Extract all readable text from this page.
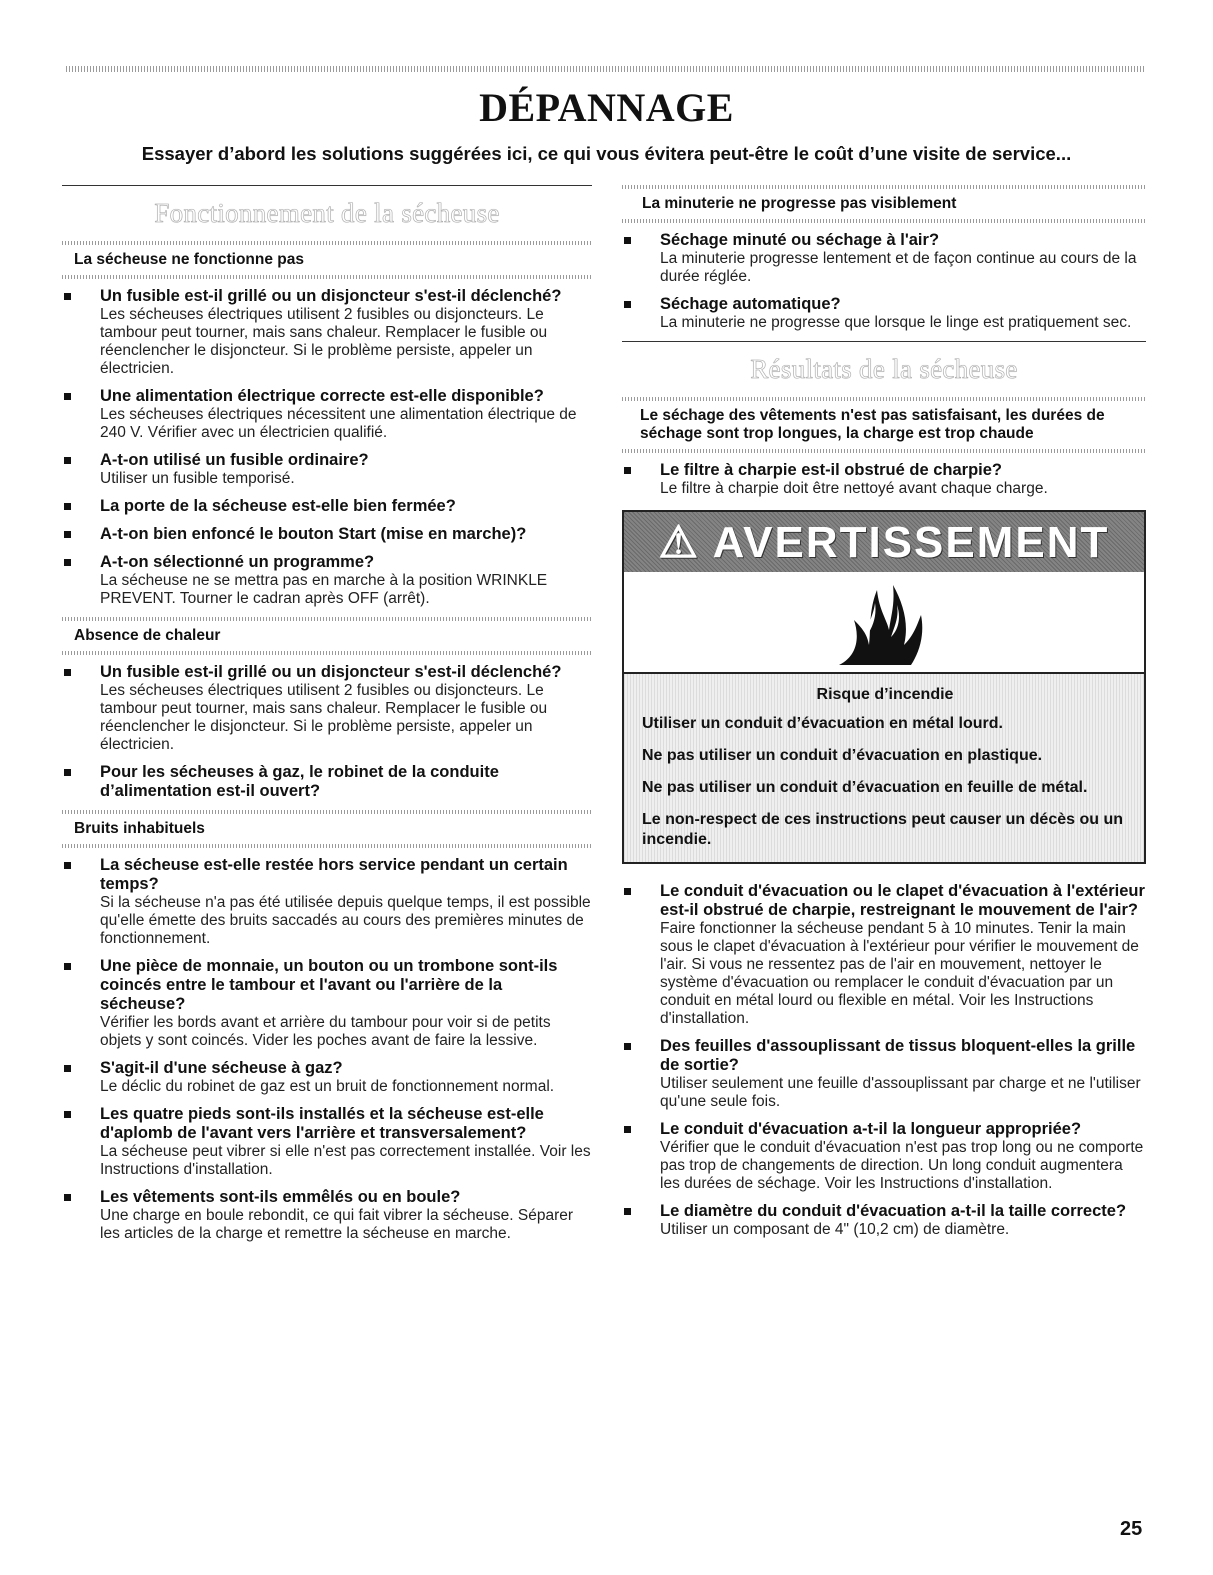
DÉPANNAGE

Essayer d’abord les solutions suggérées ici, ce qui vous évitera peut-être le coût d’une visite de service...

Fonctionnement de la sécheuse
La sécheuse ne fonctionne pas
Un fusible est-il grillé ou un disjoncteur s'est-il déclenché?
Les sécheuses électriques utilisent 2 fusibles ou disjoncteurs. Le tambour peut tourner, mais sans chaleur. Remplacer le fusible ou réenclencher le disjoncteur. Si le problème persiste, appeler un électricien.
Une alimentation électrique correcte est-elle disponible?
Les sécheuses électriques nécessitent une alimentation électrique de 240 V. Vérifier avec un électricien qualifié.
A-t-on utilisé un fusible ordinaire?
Utiliser un fusible temporisé.
La porte de la sécheuse est-elle bien fermée?
A-t-on bien enfoncé le bouton Start (mise en marche)?
A-t-on sélectionné un programme?
La sécheuse ne se mettra pas en marche à la position WRINKLE PREVENT. Tourner le cadran après OFF (arrêt).
Absence de chaleur
Un fusible est-il grillé ou un disjoncteur s'est-il déclenché?
Les sécheuses électriques utilisent 2 fusibles ou disjoncteurs. Le tambour peut tourner, mais sans chaleur. Remplacer le fusible ou réenclencher le disjoncteur. Si le problème persiste, appeler un électricien.
Pour les sécheuses à gaz, le robinet de la conduite d’alimentation est-il ouvert?
Bruits inhabituels
La sécheuse est-elle restée hors service pendant un certain temps?
Si la sécheuse n'a pas été utilisée depuis quelque temps, il est possible qu'elle émette des bruits saccadés au cours des premières minutes de fonctionnement.
Une pièce de monnaie, un bouton ou un trombone sont-ils coincés entre le tambour et l'avant ou l'arrière de la sécheuse?
Vérifier les bords avant et arrière du tambour pour voir si de petits objets y sont coincés. Vider les poches avant de faire la lessive.
S'agit-il d'une sécheuse à gaz?
Le déclic du robinet de gaz est un bruit de fonctionnement normal.
Les quatre pieds sont-ils installés et la sécheuse est-elle d'aplomb de l'avant vers l'arrière et transversalement?
La sécheuse peut vibrer si elle n'est pas correctement installée. Voir les Instructions d'installation.
Les vêtements sont-ils emmêlés ou en boule?
Une charge en boule rebondit, ce qui fait vibrer la sécheuse. Séparer les articles de la charge et remettre la sécheuse en marche.
La minuterie ne progresse pas visiblement
Séchage minuté ou séchage à l'air?
La minuterie progresse lentement et de façon continue au cours de la durée réglée.
Séchage automatique?
La minuterie ne progresse que lorsque le linge est pratiquement sec.
Résultats de la sécheuse
Le séchage des vêtements n'est pas satisfaisant, les durées de séchage sont trop longues, la charge est trop chaude
Le filtre à charpie est-il obstrué de charpie?
Le filtre à charpie doit être nettoyé avant chaque charge.
⚠ AVERTISSEMENT
Risque d’incendie
Utiliser un conduit d’évacuation en métal lourd.
Ne pas utiliser un conduit d’évacuation en plastique.
Ne pas utiliser un conduit d’évacuation en feuille de métal.
Le non-respect de ces instructions peut causer un décès ou un incendie.
Le conduit d'évacuation ou le clapet d'évacuation à l'extérieur est-il obstrué de charpie, restreignant le mouvement de l'air?
Faire fonctionner la sécheuse pendant 5 à 10 minutes. Tenir la main sous le clapet d'évacuation à l'extérieur pour vérifier le mouvement de l'air. Si vous ne ressentez pas de l'air en mouvement, nettoyer le système d'évacuation ou remplacer le conduit d'évacuation par un conduit en métal lourd ou flexible en métal. Voir les Instructions d'installation.
Des feuilles d'assouplissant de tissus bloquent-elles la grille de sortie?
Utiliser seulement une feuille d'assouplissant par charge et ne l'utiliser qu'une seule fois.
Le conduit d'évacuation a-t-il la longueur appropriée?
Vérifier que le conduit d'évacuation n'est pas trop long ou ne comporte pas trop de changements de direction. Un long conduit augmentera les durées de séchage. Voir les Instructions d'installation.
Le diamètre du conduit d'évacuation a-t-il la taille correcte?
Utiliser un composant de 4" (10,2 cm) de diamètre.
25
